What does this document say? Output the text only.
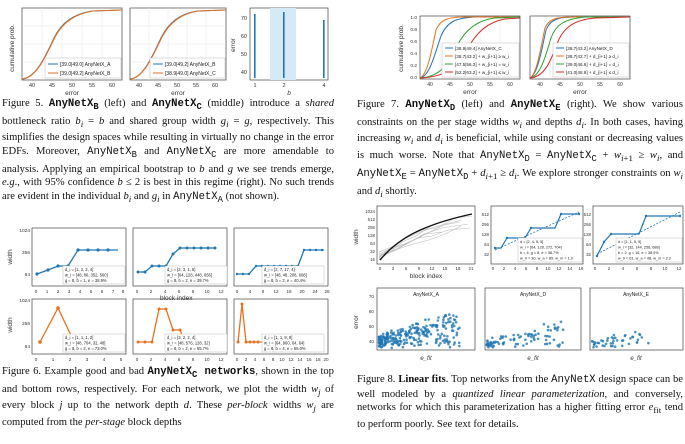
cumulative prob.	[39.0|49.0] AnyNetX_A
[39.0|49.2] AnyNetX_B
40	45	50	55	60
error
[39.0|49.2] AnyNetX_B
[38.9|49.0] AnyNetX_C
40 45 50 55 60
error
error
70
60
50
40
1	2	4
b
Figure 5. AnyNetX$_B$ (left) and AnyNetX$_C$ (middle) introduce a shared bottleneck ratio $b_i = b$ and shared group width $g_i = g$, respectively. This simplifies the design spaces while resulting in virtually no change in the error EDFs. Moreover, AnyNetX$_B$ and AnyNetX$_C$ are more amendable to analysis. Applying an empirical bootstrap to b and g we see trends emerge, e.g., with 95% confidence b ≤ 2 is best in this regime (right). No such trends are evident in the individual $b_i$ and $g_i$ in AnyNetX$_A$ (not shown).
width
width
1024
256
64
1024
256
64
d_i = [1, 2, 2, 4]
w_i = [48, 80, 352, 560]
g = 8, b = 1, e = 38.9%
d_i = [2, 3, 1, 6]
w_i = [64, 128, 448, 656]
g = 8, b = 2, e = 39.7%
d_i = [2, 7, 17, 4]
w_i = [48, 48, 208, 608]
g = 8, b = 2, e = 40.4%
0 1 2 3 4 5 6 7 8 0 2 4 6 8 10 12	0 4 8 12 16 20 24 28
d_i = [1, 1, 1, 2]
w_i = [48, 704, 32, 48]
g = 8, b = 2, e = 73.0%
d_i = [3, 2, 2, 4]
w_i = [48, 576, 128, 32]
g = 8, b = 2, e = 65.7%
d_i = [1, 1, 9, 9]
w_i = [64, 960, 64, 64]
g = 8, b = 4, e = 65.0%
0	1	2	3	4	5	0 2 4 6 8 10 12	0 2 4 6 8 10 12 14 16 18 20
block index
Figure 6. Example good and bad AnyNetX$_C$ networks, shown in the top and bottom rows, respectively. For each network, we plot the width $w_j$ of every block j up to the network depth d. These per-block widths $w_j$ are computed from the per-stage block depths
cumulative prob.
1.0
0.8
0.6
0.4
0.2
0.0
[38.9|49.4] AnyNetX_C
[38.7|43.2] + w_{i+1} ≥ w_i
[47.5|56.3] + w_{i+1} = w_i
[52.2|63.2] + w_{i+1} ≤ w_i
40	45	50	55	60
error
[38.7|43.2] AnyNetX_D
[38.7|42.7] + d_{i+1} ≥ d_i
[39.0|46.6] + d_{i+1} = d_i
[41.0|48.8] + d_{i+1} ≤ d_i
40	45	50	55	60
error
Figure 7. AnyNetX$_D$ (left) and AnyNetX$_E$ (right). We show various constraints on the per stage widths $w_i$ and depths $d_i$. In both cases, having increasing $w_i$ and $d_i$ is beneficial, while using constant or decreasing values is much worse. Note that AnyNetX$_D$ = AnyNetX$_C$ + $w_{i+1} \ge w_i$, and AnyNetX$_E$ = AnyNetX$_D$ + $d_{i+1} \ge d_i$. We explore stronger constraints on $w_i$ and $d_i$ shortly.
width
1024
512
256
128
64
32
16
0 3 6 9 12 15 18 21
block index
512
256
128
64
32
d = [2, 4, 5, 5]
w_i = [64, 128, 272, 704]
b = 4, g = 8, e = 38.7%
w_0 = 30, w_a = 89, w_m = 1.9
0 2 4 6 8 10 12 14 16
512
256
128
64
32
d = [1, 1, 5, 5]
w_i = [32, 144, 256, 688]
b = 2, g = 16, e = 38.4%
w_0 = 61, w_a = 48, w_m = 2.2
0	2	4	6	8 10 12
error
70
60
50
40
AnyNetX_A
e_fit
AnyNetX_D
e_fit
AnyNetX_E
e_fit
Figure 8. Linear fits. Top networks from the AnyNetX design space can be well modeled by a quantized linear parameterization, and conversely, networks for which this parameterization has a higher fitting error $e_{fit}$ tend to perform poorly. See text for details.
